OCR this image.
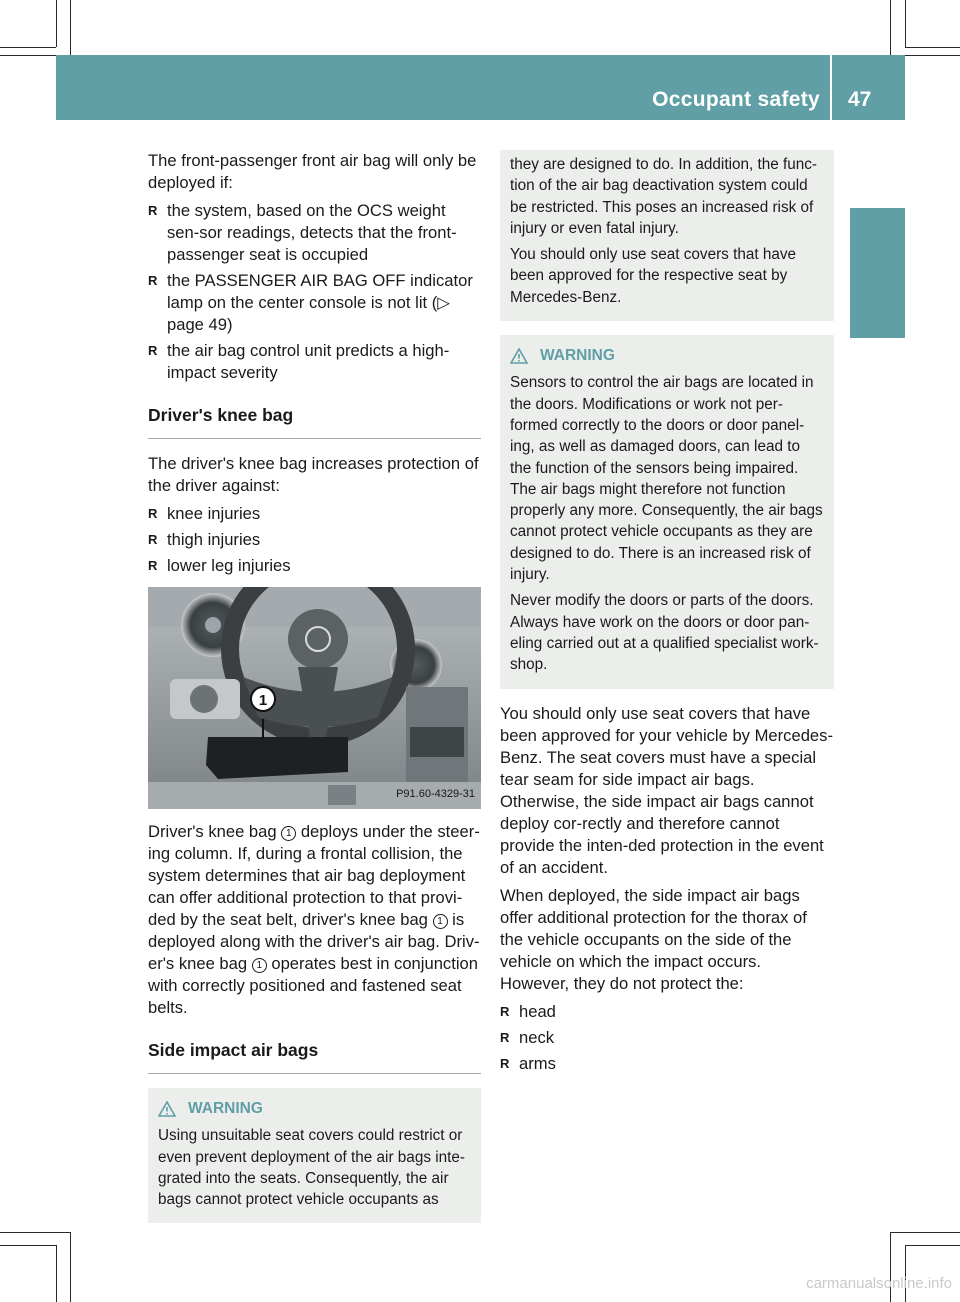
Occupant safety 47
Safety

The front-passenger front air bag will only be deployed if:

R the system, based on the OCS weight sen-sor readings, detects that the front-passenger seat is occupied
R the PASSENGER AIR BAG OFF indicator lamp on the center console is not lit (▷ page 49)
R the air bag control unit predicts a high-impact severity
Driver's knee bag

The driver's knee bag increases protection of the driver against:

R knee injuries
R thigh injuries
R lower leg injuries
1
P91.60-4329-31

Driver's knee bag 1 deploys under the steer-ing column. If, during a frontal collision, the system determines that air bag deployment can offer additional protection to that provi-ded by the seat belt, driver's knee bag 1 is deployed along with the driver's air bag. Driv-er's knee bag 1 operates best in conjunction with correctly positioned and fastened seat belts.

Side impact air bags
WARNING

Using unsuitable seat covers could restrict or even prevent deployment of the air bags inte-grated into the seats. Consequently, the air bags cannot protect vehicle occupants as

they are designed to do. In addition, the func-tion of the air bag deactivation system could be restricted. This poses an increased risk of injury or even fatal injury.

You should only use seat covers that have been approved for the respective seat by Mercedes-Benz.

WARNING

Sensors to control the air bags are located in the doors. Modifications or work not per-formed correctly to the doors or door panel-ing, as well as damaged doors, can lead to the function of the sensors being impaired. The air bags might therefore not function properly any more. Consequently, the air bags cannot protect vehicle occupants as they are designed to do. There is an increased risk of injury.

Never modify the doors or parts of the doors. Always have work on the doors or door pan-eling carried out at a qualified specialist work-shop.

You should only use seat covers that have been approved for your vehicle by Mercedes-Benz. The seat covers must have a special tear seam for side impact air bags. Otherwise, the side impact air bags cannot deploy cor-rectly and therefore cannot provide the inten-ded protection in the event of an accident.

When deployed, the side impact air bags offer additional protection for the thorax of the vehicle occupants on the side of the vehicle on which the impact occurs. However, they do not protect the:

R head
R neck
R arms
carmanualsonline.info
